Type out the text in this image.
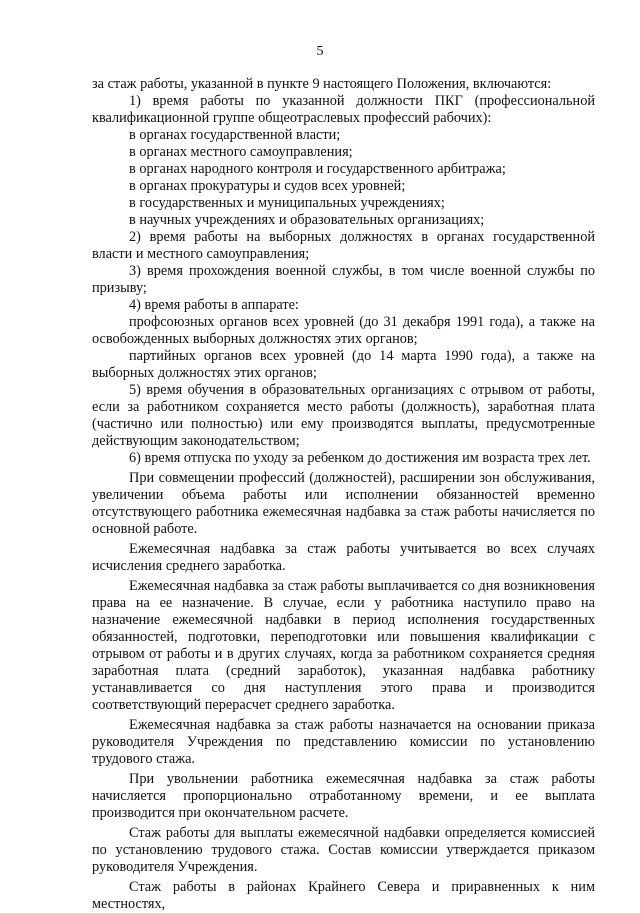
5

за стаж работы, указанной в пункте 9 настоящего Положения, включаются:

1) время работы по указанной должности ПКГ (профессиональной квалификационной группе общеотраслевых профессий рабочих):

в органах государственной власти;

в органах местного самоуправления;

в органах народного контроля и государственного арбитража;

в органах прокуратуры и судов всех уровней;

в государственных и муниципальных учреждениях;

в научных учреждениях и образовательных организациях;

2) время работы на выборных должностях в органах государственной власти и местного самоуправления;

3) время прохождения военной службы, в том числе военной службы по призыву;

4) время работы в аппарате:

профсоюзных органов всех уровней (до 31 декабря 1991 года), а также на освобожденных выборных должностях этих органов;

партийных органов всех уровней (до 14 марта 1990 года), а также на выборных должностях этих органов;

5) время обучения в образовательных организациях с отрывом от работы, если за работником сохраняется место работы (должность), заработная плата (частично или полностью) или ему производятся выплаты, предусмотренные действующим законодательством;

6) время отпуска по уходу за ребенком до достижения им возраста трех лет.

При совмещении профессий (должностей), расширении зон обслуживания, увеличении объема работы или исполнении обязанностей временно отсутствующего работника ежемесячная надбавка за стаж работы начисляется по основной работе.

Ежемесячная надбавка за стаж работы учитывается во всех случаях исчисления среднего заработка.

Ежемесячная надбавка за стаж работы выплачивается со дня возникновения права на ее назначение. В случае, если у работника наступило право на назначение ежемесячной надбавки в период исполнения государственных обязанностей, подготовки, переподготовки или повышения квалификации с отрывом от работы и в других случаях, когда за работником сохраняется средняя заработная плата (средний заработок), указанная надбавка работнику устанавливается со дня наступления этого права и производится соответствующий перерасчет среднего заработка.

Ежемесячная надбавка за стаж работы назначается на основании приказа руководителя Учреждения по представлению комиссии по установлению трудового стажа.

При увольнении работника ежемесячная надбавка за стаж работы начисляется пропорционально отработанному времени, и ее выплата производится при окончательном расчете.

Стаж работы для выплаты ежемесячной надбавки определяется комиссией по установлению трудового стажа. Состав комиссии утверждается приказом руководителя Учреждения.

Стаж работы в районах Крайнего Севера и приравненных к ним местностях,
